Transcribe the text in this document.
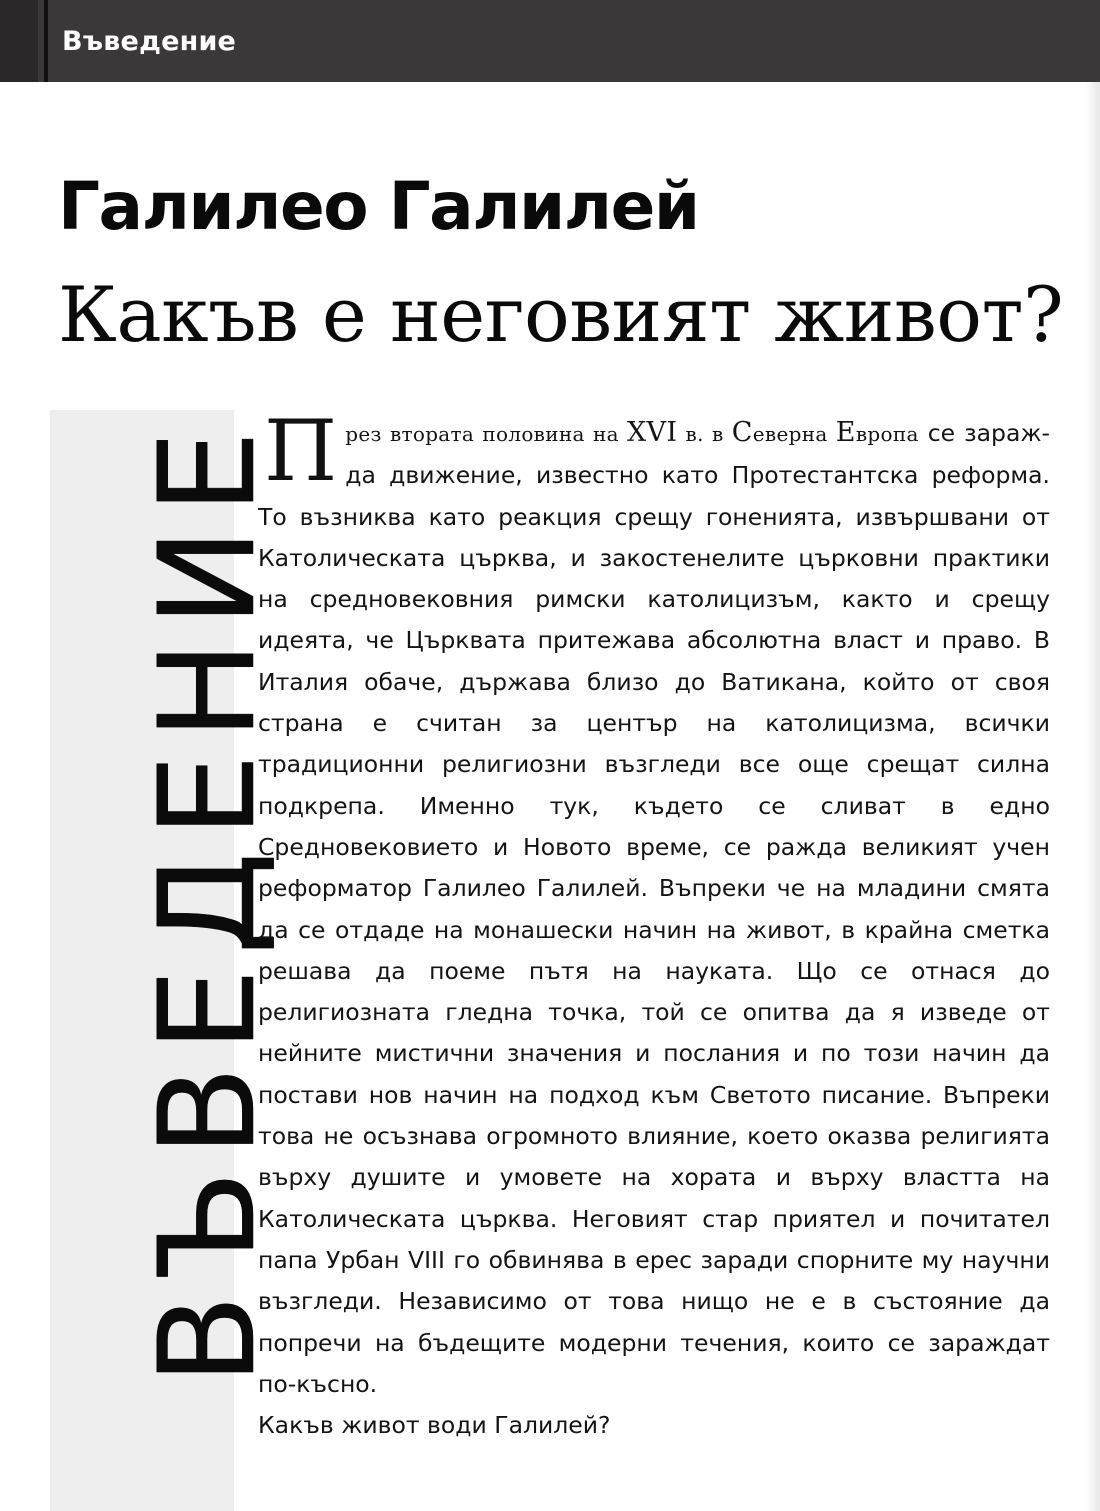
Въведение
Галилео Галилей
Какъв е неговият живот?
ВЪВЕДЕНИЕ

През втората половина на XVI в. в Северна Европа се заражда движение, известно като Протестантска реформа. То възниква като реакция срещу гоненията, извършвани от Католическата църква, и закостенелите църковни практики на средновековния римски католицизъм, както и срещу идеята, че Църквата притежава абсолютна власт и право. В Италия обаче, държава близо до Ватикана, който от своя страна е считан за център на католицизма, всички традиционни религиозни възгледи все още срещат силна подкрепа. Именно тук, където се сливат в едно Средновековието и Новото време, се ражда великият учен реформатор Галилео Галилей. Въпреки че на младини смята да се отдаде на монашески начин на живот, в крайна сметка решава да поеме пътя на науката. Що се отнася до религиозната гледна точка, той се опитва да я изведе от нейните мистични значения и послания и по този начин да постави нов начин на подход към Светото писание. Въпреки това не осъзнава огромното влияние, което оказва религията върху душите и умовете на хората и върху властта на Католическата църква. Неговият стар приятел и почитател папа Урбан VIII го обвинява в ерес заради спорните му научни възгледи. Независимо от това нищо не е в състояние да попречи на бъдещите модерни течения, които се зараждат по-късно.

Какъв живот води Галилей?
